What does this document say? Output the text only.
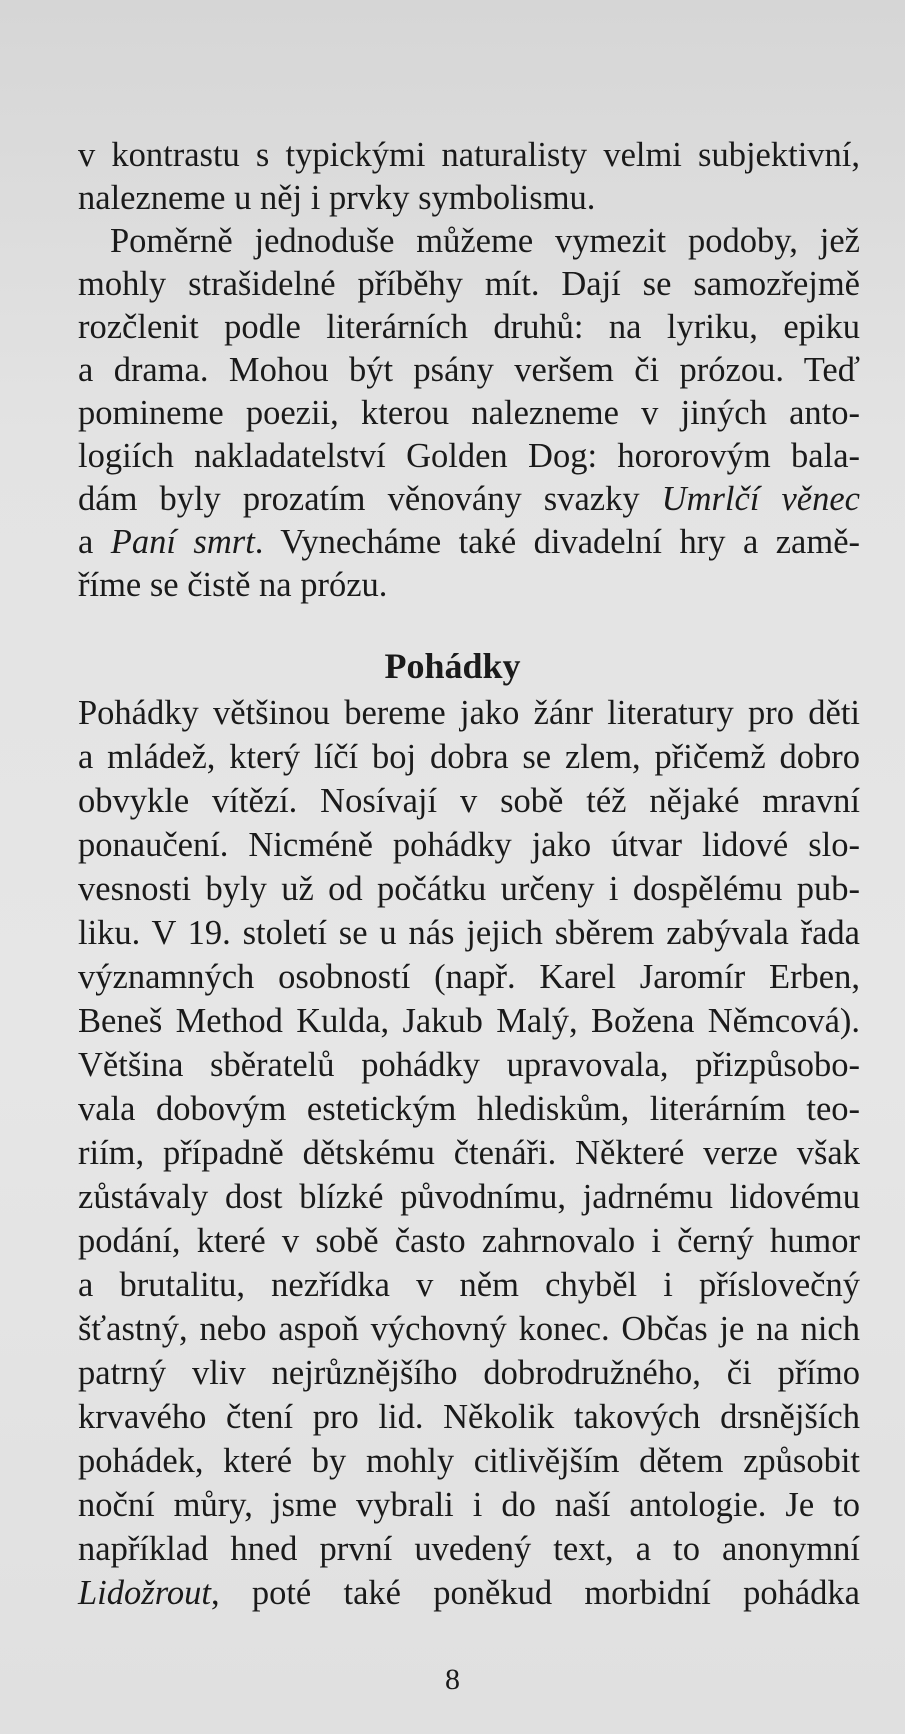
v kontrastu s typickými naturalisty velmi subjektivní,
nalezneme u něj i prvky symbolismu.
Poměrně jednoduše můžeme vymezit podoby, jež
mohly strašidelné příběhy mít. Dají se samozřejmě
rozčlenit podle literárních druhů: na lyriku, epiku
a drama. Mohou být psány veršem či prózou. Teď
pomineme poezii, kterou nalezneme v jiných anto-
logiích nakladatelství Golden Dog: hororovým bala-
dám byly prozatím věnovány svazky Umrlčí věnec
a Paní smrt. Vynecháme také divadelní hry a zamě-
říme se čistě na prózu.
Pohádky
Pohádky většinou bereme jako žánr literatury pro děti
a mládež, který líčí boj dobra se zlem, přičemž dobro
obvykle vítězí. Nosívají v sobě též nějaké mravní
ponaučení. Nicméně pohádky jako útvar lidové slo-
vesnosti byly už od počátku určeny i dospělému pub-
liku. V 19. století se u nás jejich sběrem zabývala řada
významných osobností (např. Karel Jaromír Erben,
Beneš Method Kulda, Jakub Malý, Božena Němcová).
Většina sběratelů pohádky upravovala, přizpůsobo-
vala dobovým estetickým hlediskům, literárním teo-
riím, případně dětskému čtenáři. Některé verze však
zůstávaly dost blízké původnímu, jadrnému lidovému
podání, které v sobě často zahrnovalo i černý humor
a brutalitu, nezřídka v něm chyběl i příslovečný
šťastný, nebo aspoň výchovný konec. Občas je na nich
patrný vliv nejrůznějšího dobrodružného, či přímo
krvavého čtení pro lid. Několik takových drsnějších
pohádek, které by mohly citlivějším dětem způsobit
noční můry, jsme vybrali i do naší antologie. Je to
například hned první uvedený text, a to anonymní
Lidožrout, poté také poněkud morbidní pohádka
8
